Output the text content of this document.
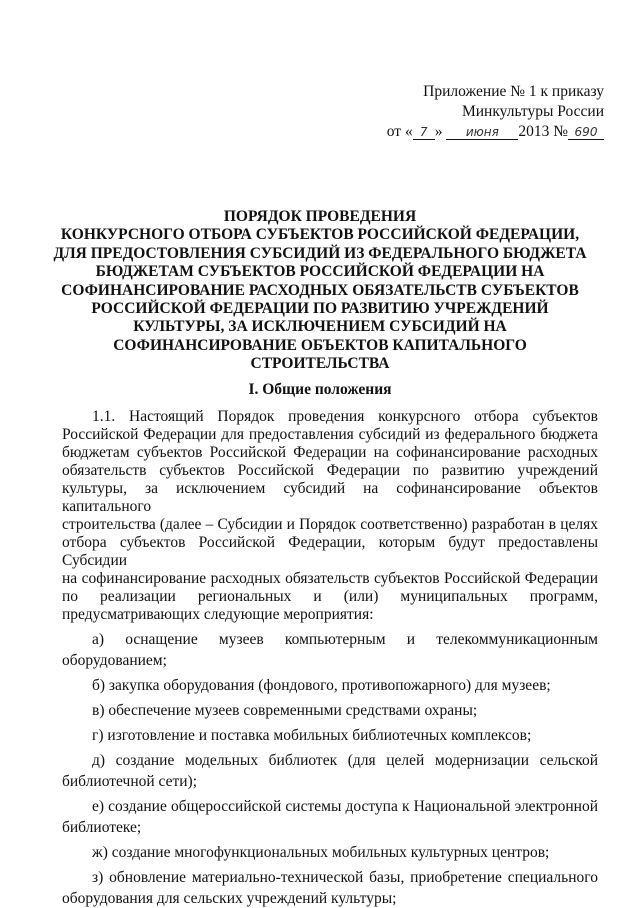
Приложение № 1 к приказу
Минкультуры России
от « 7 » июня 2013 № 690
ПОРЯДОК ПРОВЕДЕНИЯ
КОНКУРСНОГО ОТБОРА СУБЪЕКТОВ РОССИЙСКОЙ ФЕДЕРАЦИИ,
ДЛЯ ПРЕДОСТОВЛЕНИЯ СУБСИДИЙ ИЗ ФЕДЕРАЛЬНОГО БЮДЖЕТА
БЮДЖЕТАМ СУБЪЕКТОВ РОССИЙСКОЙ ФЕДЕРАЦИИ НА
СОФИНАНСИРОВАНИЕ РАСХОДНЫХ ОБЯЗАТЕЛЬСТВ СУБЪЕКТОВ
РОССИЙСКОЙ ФЕДЕРАЦИИ ПО РАЗВИТИЮ УЧРЕЖДЕНИЙ
КУЛЬТУРЫ, ЗА ИСКЛЮЧЕНИЕМ СУБСИДИЙ НА
СОФИНАНСИРОВАНИЕ ОБЪЕКТОВ КАПИТАЛЬНОГО
СТРОИТЕЛЬСТВА
I. Общие положения

1.1. Настоящий Порядок проведения конкурсного отбора субъектов

Российской Федерации для предоставления субсидий из федерального бюджета

бюджетам субъектов Российской Федерации на софинансирование расходных

обязательств субъектов Российской Федерации по развитию учреждений

культуры, за исключением субсидий на софинансирование объектов капитального

строительства (далее – Субсидии и Порядок соответственно) разработан в целях

отбора субъектов Российской Федерации, которым будут предоставлены Субсидии

на софинансирование расходных обязательств субъектов Российской Федерации

по реализации региональных и (или) муниципальных программ,

предусматривающих следующие мероприятия:

а) оснащение музеев компьютерным и телекоммуникационным

оборудованием;

б) закупка оборудования (фондового, противопожарного) для музеев;

в) обеспечение музеев современными средствами охраны;

г) изготовление и поставка мобильных библиотечных комплексов;

д) создание модельных библиотек (для целей модернизации сельской

библиотечной сети);

е) создание общероссийской системы доступа к Национальной электронной

библиотеке;

ж) создание многофункциональных мобильных культурных центров;

з) обновление материально-технической базы, приобретение специального

оборудования для сельских учреждений культуры;
